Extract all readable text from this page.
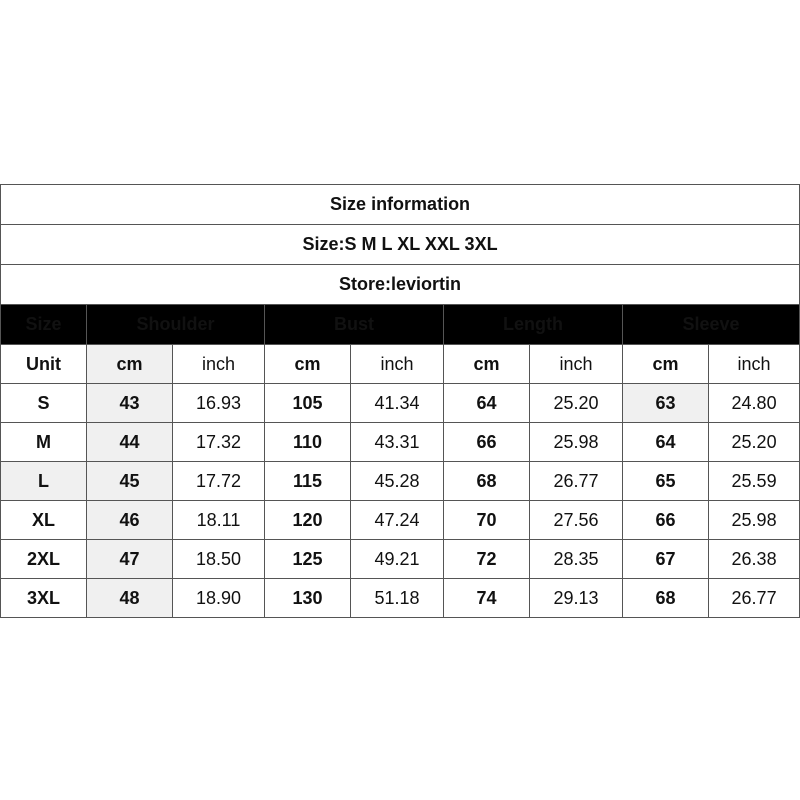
Size information								
Size:S M L XL XXL 3XL								
Store:leviortin								
Size	Shoulder		Bust		Length		Sleeve	
Unit	cm	inch	cm	inch	cm	inch	cm	inch
S	43	16.93	105	41.34	64	25.20	63	24.80
M	44	17.32	110	43.31	66	25.98	64	25.20
L	45	17.72	115	45.28	68	26.77	65	25.59
XL	46	18.11	120	47.24	70	27.56	66	25.98
2XL	47	18.50	125	49.21	72	28.35	67	26.38
3XL	48	18.90	130	51.18	74	29.13	68	26.77
